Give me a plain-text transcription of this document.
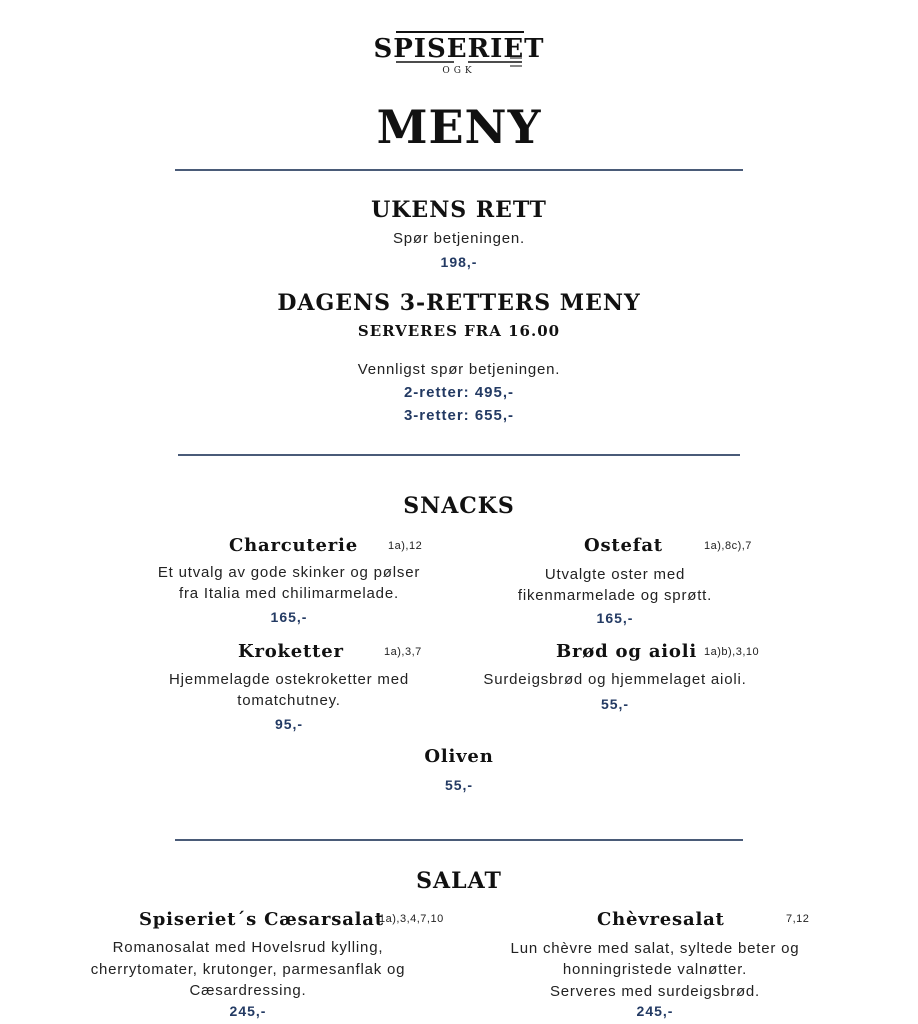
SPISERIET
OGK
MENY
UKENS RETT
Spør betjeningen.
198,-
DAGENS 3-RETTERS MENY
SERVERES FRA 16.00
Vennligst spør betjeningen.
2-retter: 495,-
3-retter: 655,-
SNACKS
Charcuterie	1a),12
Et utvalg av gode skinker og pølser
fra Italia med chilimarmelade.
165,-
Ostefat	1a),8c),7
Utvalgte oster med
fikenmarmelade og sprøtt.
165,-
Kroketter	1a),3,7
Hjemmelagde ostekroketter med
tomatchutney.
95,-
Brød og aioli 1a)b),3,10
Surdeigsbrød og hjemmelaget aioli.
55,-
Oliven
55,-
SALAT
Spiseriet´s Cæsarsalat
1a),3,4,7,10
Romanosalat med Hovelsrud kylling,
cherrytomater, krutonger, parmesanflak og
Cæsardressing.
245,-
Chèvresalat	7,12
Lun chèvre med salat, syltede beter og
honningristede valnøtter.
Serveres med surdeigsbrød.
245,-
